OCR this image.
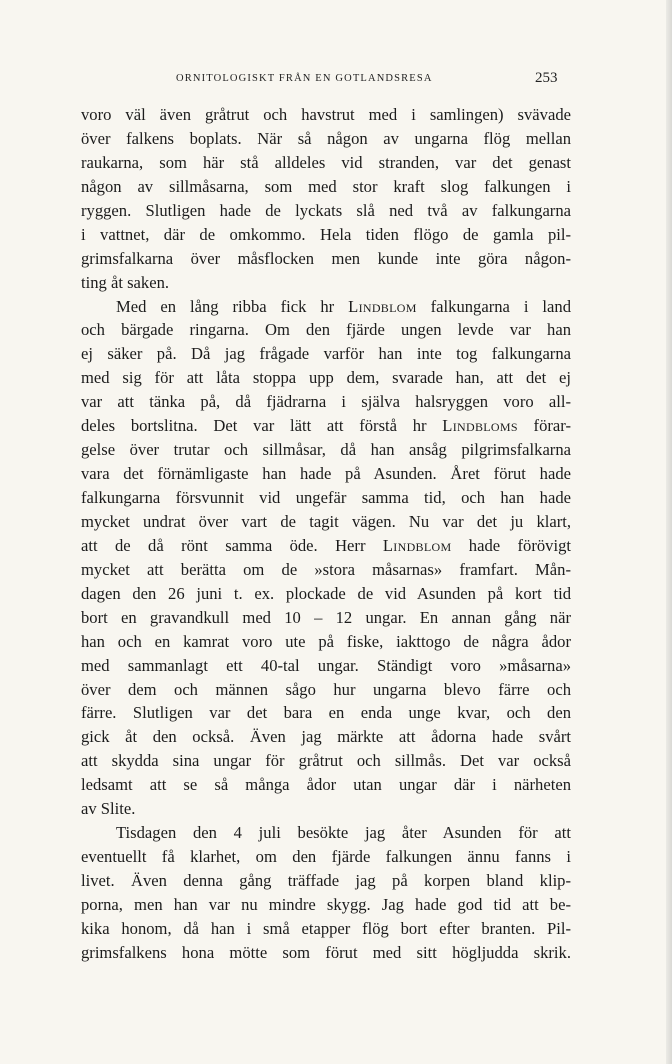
ORNITOLOGISKT FRÅN EN GOTLANDSRESA	253
voro väl även gråtrut och havstrut med i samlingen) svävade
över falkens boplats. När så någon av ungarna flög mellan
raukarna, som här stå alldeles vid stranden, var det genast
någon av sillmåsarna, som med stor kraft slog falkungen i
ryggen. Slutligen hade de lyckats slå ned två av falkungarna
i vattnet, där de omkommo. Hela tiden flögo de gamla pil-
grimsfalkarna över måsflocken men kunde inte göra någon-
ting åt saken.
Med en lång ribba fick hr Lindblom falkungarna i land
och bärgade ringarna. Om den fjärde ungen levde var han
ej säker på. Då jag frågade varför han inte tog falkungarna
med sig för att låta stoppa upp dem, svarade han, att det ej
var att tänka på, då fjädrarna i själva halsryggen voro all-
deles bortslitna. Det var lätt att förstå hr Lindbloms förar-
gelse över trutar och sillmåsar, då han ansåg pilgrimsfalkarna
vara det förnämligaste han hade på Asunden. Året förut hade
falkungarna försvunnit vid ungefär samma tid, och han hade
mycket undrat över vart de tagit vägen. Nu var det ju klart,
att de då rönt samma öde. Herr Lindblom hade förövigt
mycket att berätta om de »stora måsarnas» framfart. Mån-
dagen den 26 juni t. ex. plockade de vid Asunden på kort tid
bort en gravandkull med 10 – 12 ungar. En annan gång när
han och en kamrat voro ute på fiske, iakttogo de några ådor
med sammanlagt ett 40-tal ungar. Ständigt voro »måsarna»
över dem och männen sågo hur ungarna blevo färre och
färre. Slutligen var det bara en enda unge kvar, och den
gick åt den också. Även jag märkte att ådorna hade svårt
att skydda sina ungar för gråtrut och sillmås. Det var också
ledsamt att se så många ådor utan ungar där i närheten
av Slite.
Tisdagen den 4 juli besökte jag åter Asunden för att
eventuellt få klarhet, om den fjärde falkungen ännu fanns i
livet. Även denna gång träffade jag på korpen bland klip-
porna, men han var nu mindre skygg. Jag hade god tid att be-
kika honom, då han i små etapper flög bort efter branten. Pil-
grimsfalkens hona mötte som förut med sitt högljudda skrik.
